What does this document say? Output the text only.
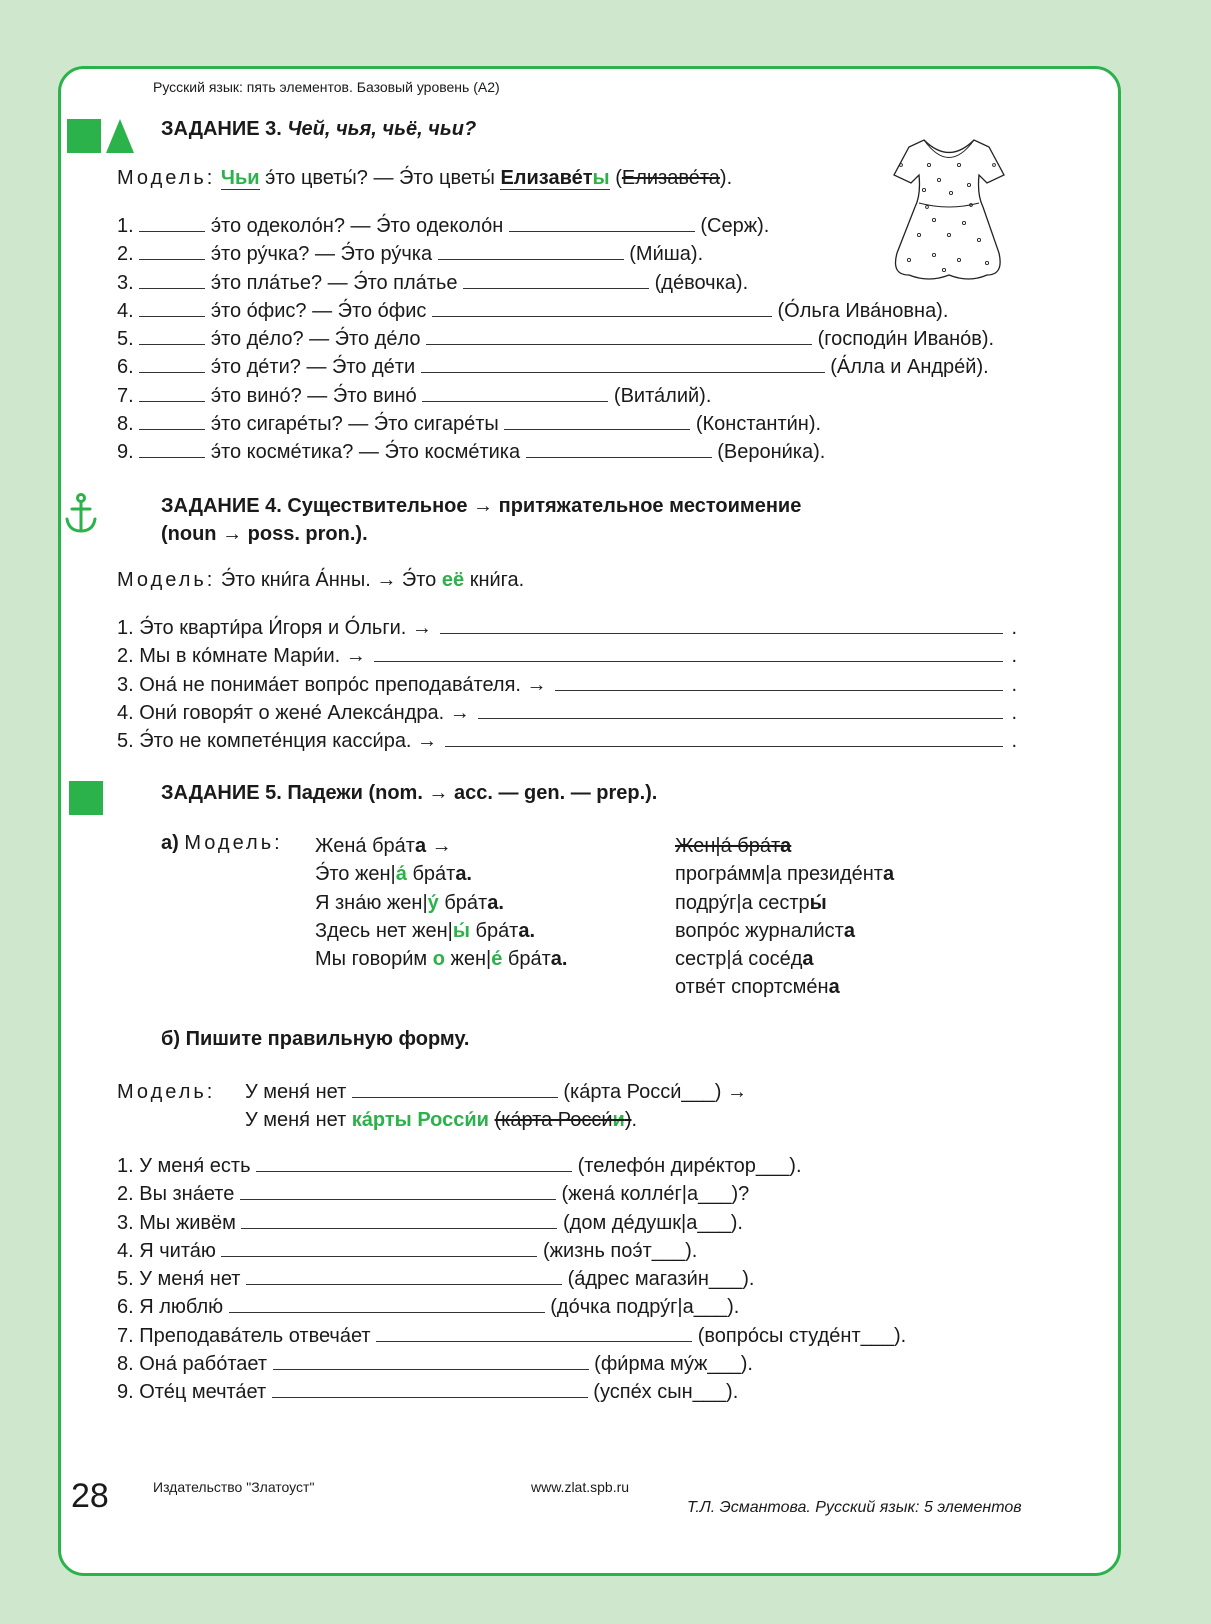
Русский язык: пять элементов. Базовый уровень (А2)
ЗАДАНИЕ 3. Чей, чья, чьё, чьи?
Модель: Чьи э́то цветы́? — Э́то цветы́ Елизаве́ты (Елизаве́та).
1.	э́то одеколо́н? — Э́то одеколо́н	(Серж).
2.	э́то ру́чка? — Э́то ру́чка	(Ми́ша).
3.	э́то пла́тье? — Э́то пла́тье	(де́вочка).
4.	э́то о́фис? — Э́то о́фис	(О́льга Ива́новна).
5.	э́то де́ло? — Э́то де́ло	(господи́н Ивано́в).
6.	э́то де́ти? — Э́то де́ти	(А́лла и Андре́й).
7.	э́то вино́? — Э́то вино́	(Вита́лий).
8.	э́то сигаре́ты? — Э́то сигаре́ты	(Константи́н).
9.	э́то косме́тика? — Э́то косме́тика	(Верони́ка).
ЗАДАНИЕ 4. Существительное → притяжательное местоимение
(noun → poss. pron.).
Модель: Э́то кни́га А́нны. → Э́то её кни́га.
1. Э́то кварти́ра И́горя и О́льги. →	.
2. Мы в ко́мнате Мари́и. →	.
3. Она́ не понима́ет вопро́с преподава́теля. →	.
4. Они́ говоря́т о жене́ Алекса́ндра. →	.
5. Э́то не компете́нция касси́ра. →	.
ЗАДАНИЕ 5. Падежи (nom. → acc. — gen. — prep.).
а) Модель: Жена́ бра́та →
Э́то жен|а́ бра́та.
Я зна́ю жен|у́ бра́та.
Здесь нет жен|ы́ бра́та.
Мы говори́м о жен|е́ бра́та.
Жен|а́ бра́та
програ́мм|а президе́нта
подру́г|а сестры́
вопро́с журнали́ста
сестр|а́ сосе́да
отве́т спортсме́на
б) Пишите правильную форму.
Модель: У меня́ нет	(ка́рта Росси́___) →
У меня́ нет ка́рты Росси́и (ка́рта Росси́и).
1. У меня́ есть	(телефо́н дире́ктор___).
2. Вы зна́ете	(жена́ колле́г|а___)?
3. Мы живём	(дом де́душк|а___).
4. Я чита́ю	(жизнь поэ́т___).
5. У меня́ нет	(а́дрес магази́н___).
6. Я люблю́	(до́чка подру́г|а___).
7. Преподава́тель отвеча́ет	(вопро́сы студе́нт___).
8. Она́ рабо́тает	(фи́рма му́ж___).
9. Оте́ц мечта́ет	(успе́х сын___).
28	Издательство "Златоуст"	www.zlat.spb.ru
Т.Л. Эсмантова. Русский язык: 5 элементов
